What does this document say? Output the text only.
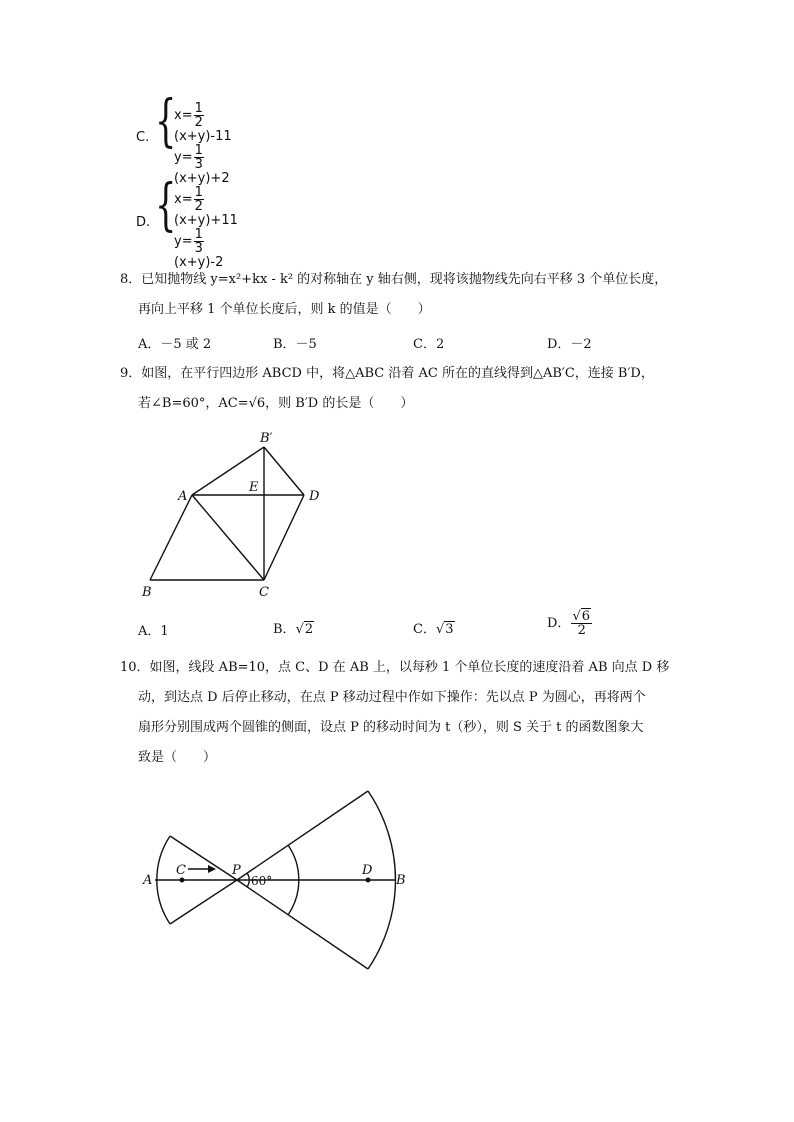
C. {
$x= \frac{1}{2}$
(x+y)-11
$y= \frac{1}{3}$
(x+y)+2
D. {
$x= \frac{1}{2}$
(x+y)+11
$y= \frac{1}{3}$
(x+y)-2
8．已知抛物线 y=x²+kx - k² 的对称轴在 y 轴右侧，现将该抛物线先向右平移 3 个单位长度，
再向上平移 1 个单位长度后，则 k 的值是（　　）
A．－5 或 2	B．－5	C．2	D．－2
9．如图，在平行四边形 ABCD 中，将△ABC 沿着 AC 所在的直线得到△AB′C，连接 B′D，
若∠B=60°，AC=√6，则 B′D 的长是（　　）
B′
A
E
D
B	C
A．1	B．√2	C．√3	D． $\frac{√6}{2}$
10．如图，线段 AB=10，点 C、D 在 AB 上，以每秒 1 个单位长度的速度沿着 AB 向点 D 移
动，到达点 D 后停止移动，在点 P 移动过程中作如下操作：先以点 P 为圆心，再将两个
扇形分别围成两个圆锥的侧面，设点 P 的移动时间为 t（秒），则 S 关于 t 的函数图象大
致是（　　）
A
C	P	D
B
60°
